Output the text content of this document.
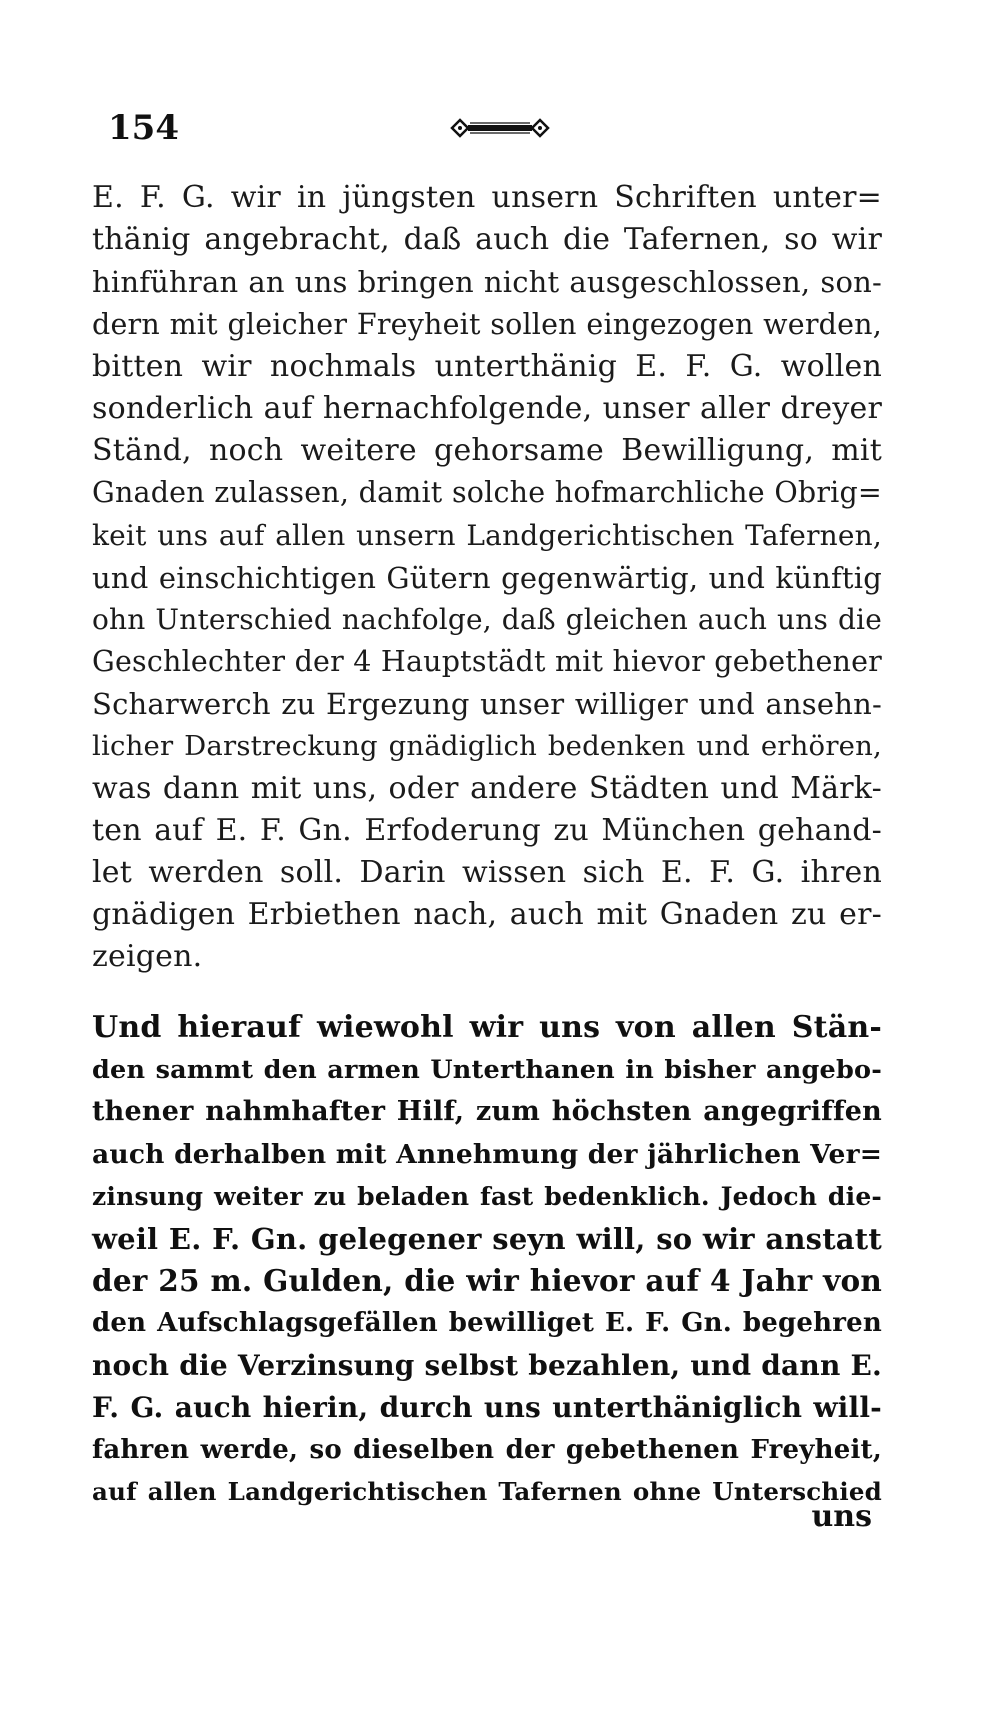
154
E. F. G. wir in jüngsten unsern Schriften unter=
thänig angebracht, daß auch die Tafernen, so wir
hinführan an uns bringen nicht ausgeschlossen, son-
dern mit gleicher Freyheit sollen eingezogen werden,
bitten wir nochmals unterthänig E. F. G. wollen
sonderlich auf hernachfolgende, unser aller dreyer
Ständ, noch weitere gehorsame Bewilligung, mit
Gnaden zulassen, damit solche hofmarchliche Obrig=
keit uns auf allen unsern Landgerichtischen Tafernen,
und einschichtigen Gütern gegenwärtig, und künftig
ohn Unterschied nachfolge, daß gleichen auch uns die
Geschlechter der 4 Hauptstädt mit hievor gebethener
Scharwerch zu Ergezung unser williger und ansehn-
licher Darstreckung gnädiglich bedenken und erhören,
was dann mit uns, oder andere Städten und Märk-
ten auf E. F. Gn. Erfoderung zu München gehand-
let werden soll. Darin wissen sich E. F. G. ihren
gnädigen Erbiethen nach, auch mit Gnaden zu er-
zeigen.
Und hierauf wiewohl wir uns von allen Stän-
den sammt den armen Unterthanen in bisher angebo-
thener nahmhafter Hilf, zum höchsten angegriffen
auch derhalben mit Annehmung der jährlichen Ver=
zinsung weiter zu beladen fast bedenklich. Jedoch die-
weil E. F. Gn. gelegener seyn will, so wir anstatt
der 25 m. Gulden, die wir hievor auf 4 Jahr von
den Aufschlagsgefällen bewilliget E. F. Gn. begehren
noch die Verzinsung selbst bezahlen, und dann E.
F. G. auch hierin, durch uns unterthäniglich will-
fahren werde, so dieselben der gebethenen Freyheit,
auf allen Landgerichtischen Tafernen ohne Unterschied
uns
